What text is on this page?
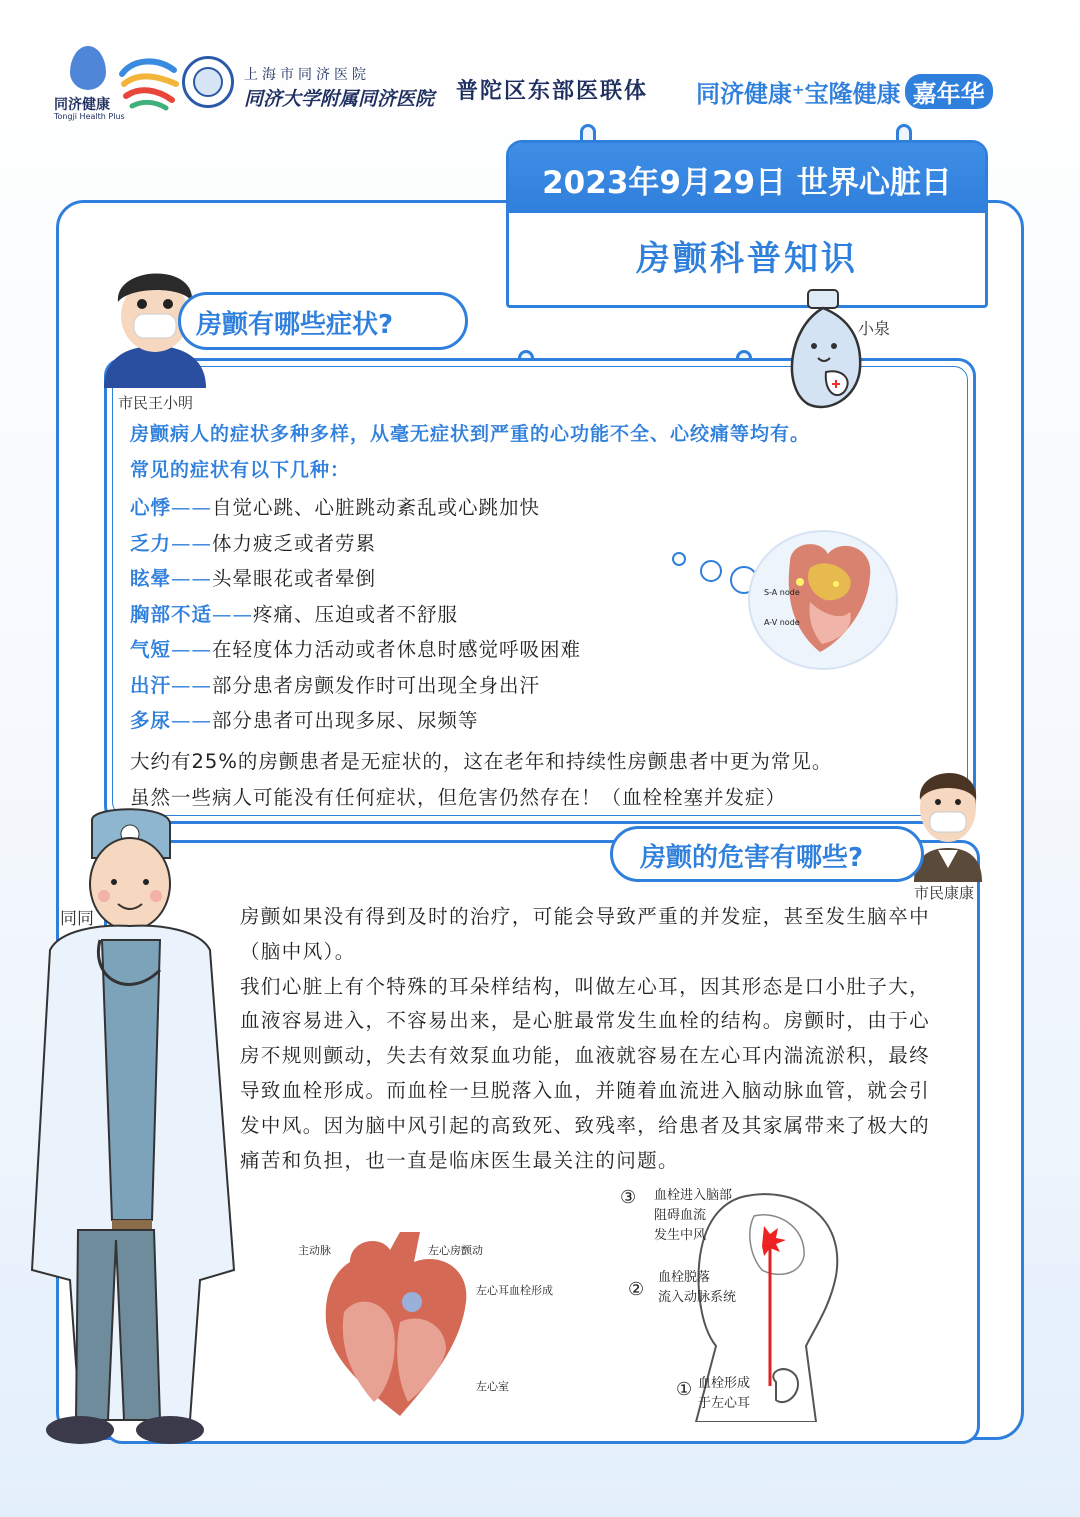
同济健康
Tongji Health Plus
上海市同济医院
同济大学附属同济医院 普陀区东部医联体 同济健康⁺宝隆健康 嘉年华
2023年9月29日 世界心脏日
房颤科普知识
市民王小明
房颤有哪些症状?	小泉
房颤病人的症状多种多样，从毫无症状到严重的心功能不全、心绞痛等均有。
常见的症状有以下几种：
心悸——自觉心跳、心脏跳动紊乱或心跳加快
乏力——体力疲乏或者劳累
眩晕——头晕眼花或者晕倒
胸部不适——疼痛、压迫或者不舒服
气短——在轻度体力活动或者休息时感觉呼吸困难
出汗——部分患者房颤发作时可出现全身出汗
多尿——部分患者可出现多尿、尿频等
S-A node
A-V node
大约有25%的房颤患者是无症状的，这在老年和持续性房颤患者中更为常见。
虽然一些病人可能没有任何症状，但危害仍然存在！（血栓栓塞并发症）
市民康康
房颤的危害有哪些?
同同	房颤如果没有得到及时的治疗，可能会导致严重的并发症，甚至发生脑卒中（脑中风）。

我们心脏上有个特殊的耳朵样结构，叫做左心耳，因其形态是口小肚子大，血液容易进入，不容易出来，是心脏最常发生血栓的结构。房颤时，由于心房不规则颤动，失去有效泵血功能，血液就容易在左心耳内湍流淤积，最终导致血栓形成。而血栓一旦脱落入血，并随着血流进入脑动脉血管，就会引发中风。因为脑中风引起的高致死、致残率，给患者及其家属带来了极大的痛苦和负担，也一直是临床医生最关注的问题。

主动脉	左心房颤动
左心耳血栓形成
左心室
③ 血栓进入脑部
阻碍血流
发生中风
②
血栓脱落
流入动脉系统
① 血栓形成
于左心耳
